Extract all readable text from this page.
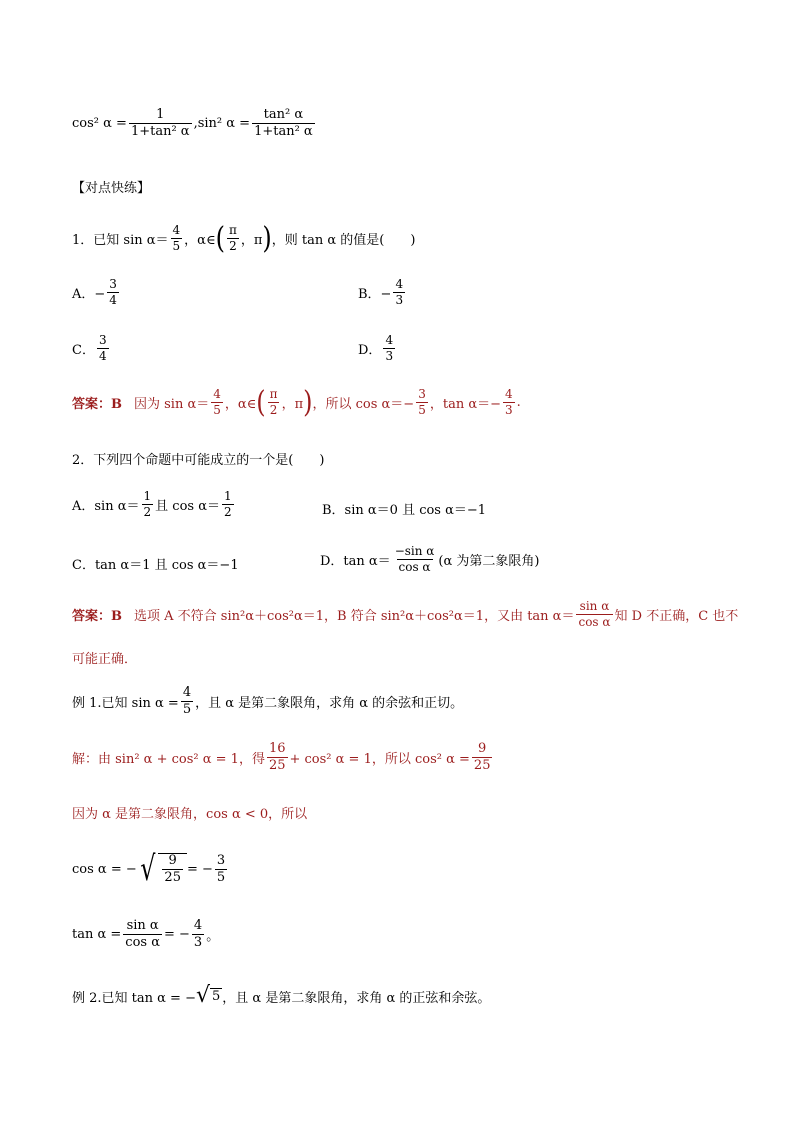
cos² $\alpha = \frac{1}{\text{1+tan² α}}$ , sin² $\alpha = \frac{\text{tan² α}}{\text{1+tan² α}}$
【对点快练】
1．已知 $\sin \alpha= \frac{4}{5}$ ，α∈ ( $\frac{\pi}{2}$ ，π ) ，则 tan α 的值是(　　)
A．− $\frac{3}{4}$	B．− $\frac{4}{3}$
C． $\frac{3}{4}$	D． $\frac{4}{3}$
答案：B 因为 $\sin \alpha= \frac{4}{5}$ ，α∈ ( $\frac{\pi}{2}$ ，π ) ，所以 $\cos \alpha=- \frac{3}{5}$ ，$\tan \alpha=- \frac{4}{3}$ .
2．下列四个命题中可能成立的一个是(　　)
A．$\sin \alpha= \frac{1}{2}$ 且 $\cos \alpha= \frac{1}{2}$	B．sin α＝0 且 cos α＝−1
C．tan α＝1 且 cos α＝−1	D．$\tan \alpha= \frac{\text{−sin α}}{\text{cos α}} (\alpha$ 为第二象限角)
答案：B 选项 A 不符合 sin²α＋cos²α＝1，B 符合 sin²α＋cos²α＝1，又由 $\tan \alpha= \frac{\text{sin α}}{\text{cos α}}$ 知 D 不正确，C 也不
可能正确．
例 1.已知 $\sin \alpha = \frac{4}{5}$ ，且 α 是第二象限角，求角 α 的余弦和正切。
解：由 sin² α + cos² α = 1，得 $\frac{16}{25} + \cos^2$ α = 1，所以 cos² $\alpha = \frac{9}{25}$
因为 α 是第二象限角，cos α < 0，所以
cos α = − √ $\frac{9}{25}$ = − $\frac{3}{5}$
$\tan \alpha = \frac{\text{sin α}}{\text{cos α}}$ = − $\frac{4}{3}$ 。
例 2.已知 tan α = − √ 5 ，且 α 是第二象限角，求角 α 的正弦和余弦。
